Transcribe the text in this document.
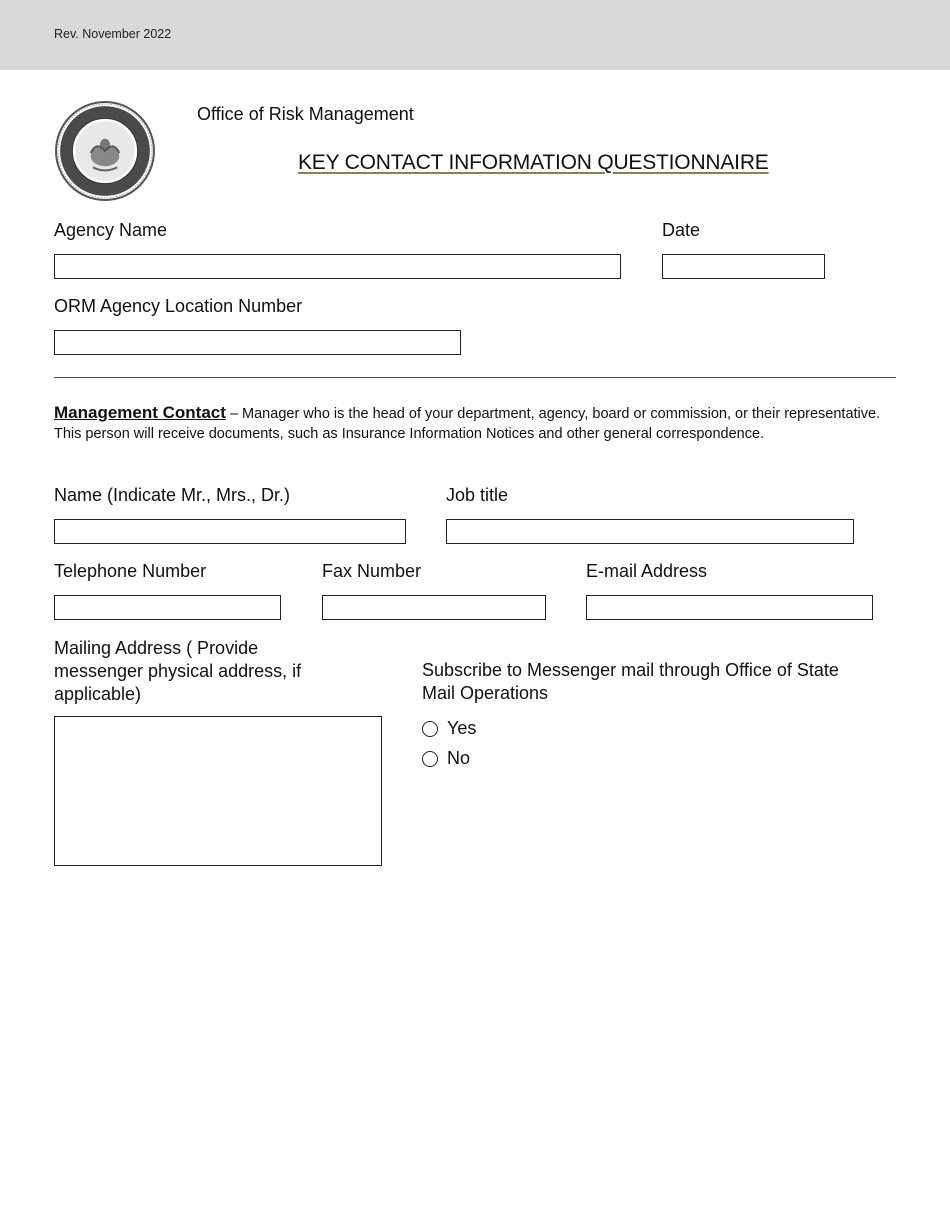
Rev. November 2022
Office of Risk Management
KEY CONTACT INFORMATION QUESTIONNAIRE
Agency Name	Date
ORM Agency Location Number
Management Contact – Manager who is the head of your department, agency, board or commission, or their representative. This person will receive documents, such as Insurance Information Notices and other general correspondence.
Name (Indicate Mr., Mrs., Dr.)	Job title
Telephone Number	Fax Number	E-mail Address
Mailing Address ( Provide
messenger physical address, if
applicable)
Subscribe to Messenger mail through Office of State
Mail Operations
Yes
No
